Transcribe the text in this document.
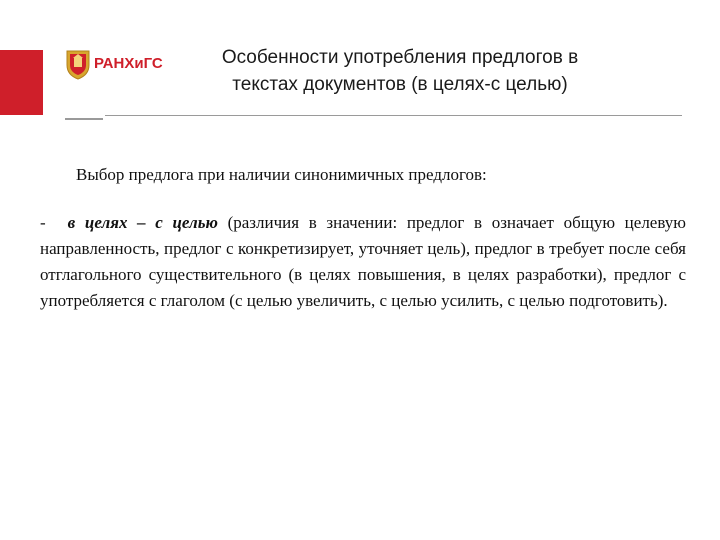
РАНХиГС	Особенности употребления предлогов в
текстах документов (в целях-с целью)
Выбор предлога при наличии синонимичных предлогов:
- в целях – с целью (различия в значении: предлог в означает общую целевую направленность, предлог с конкретизирует, уточняет цель), предлог в требует после себя отглагольного существительного (в целях повышения, в целях разработки), предлог с употребляется с глаголом (с целью увеличить, с целью усилить, с целью подготовить).
